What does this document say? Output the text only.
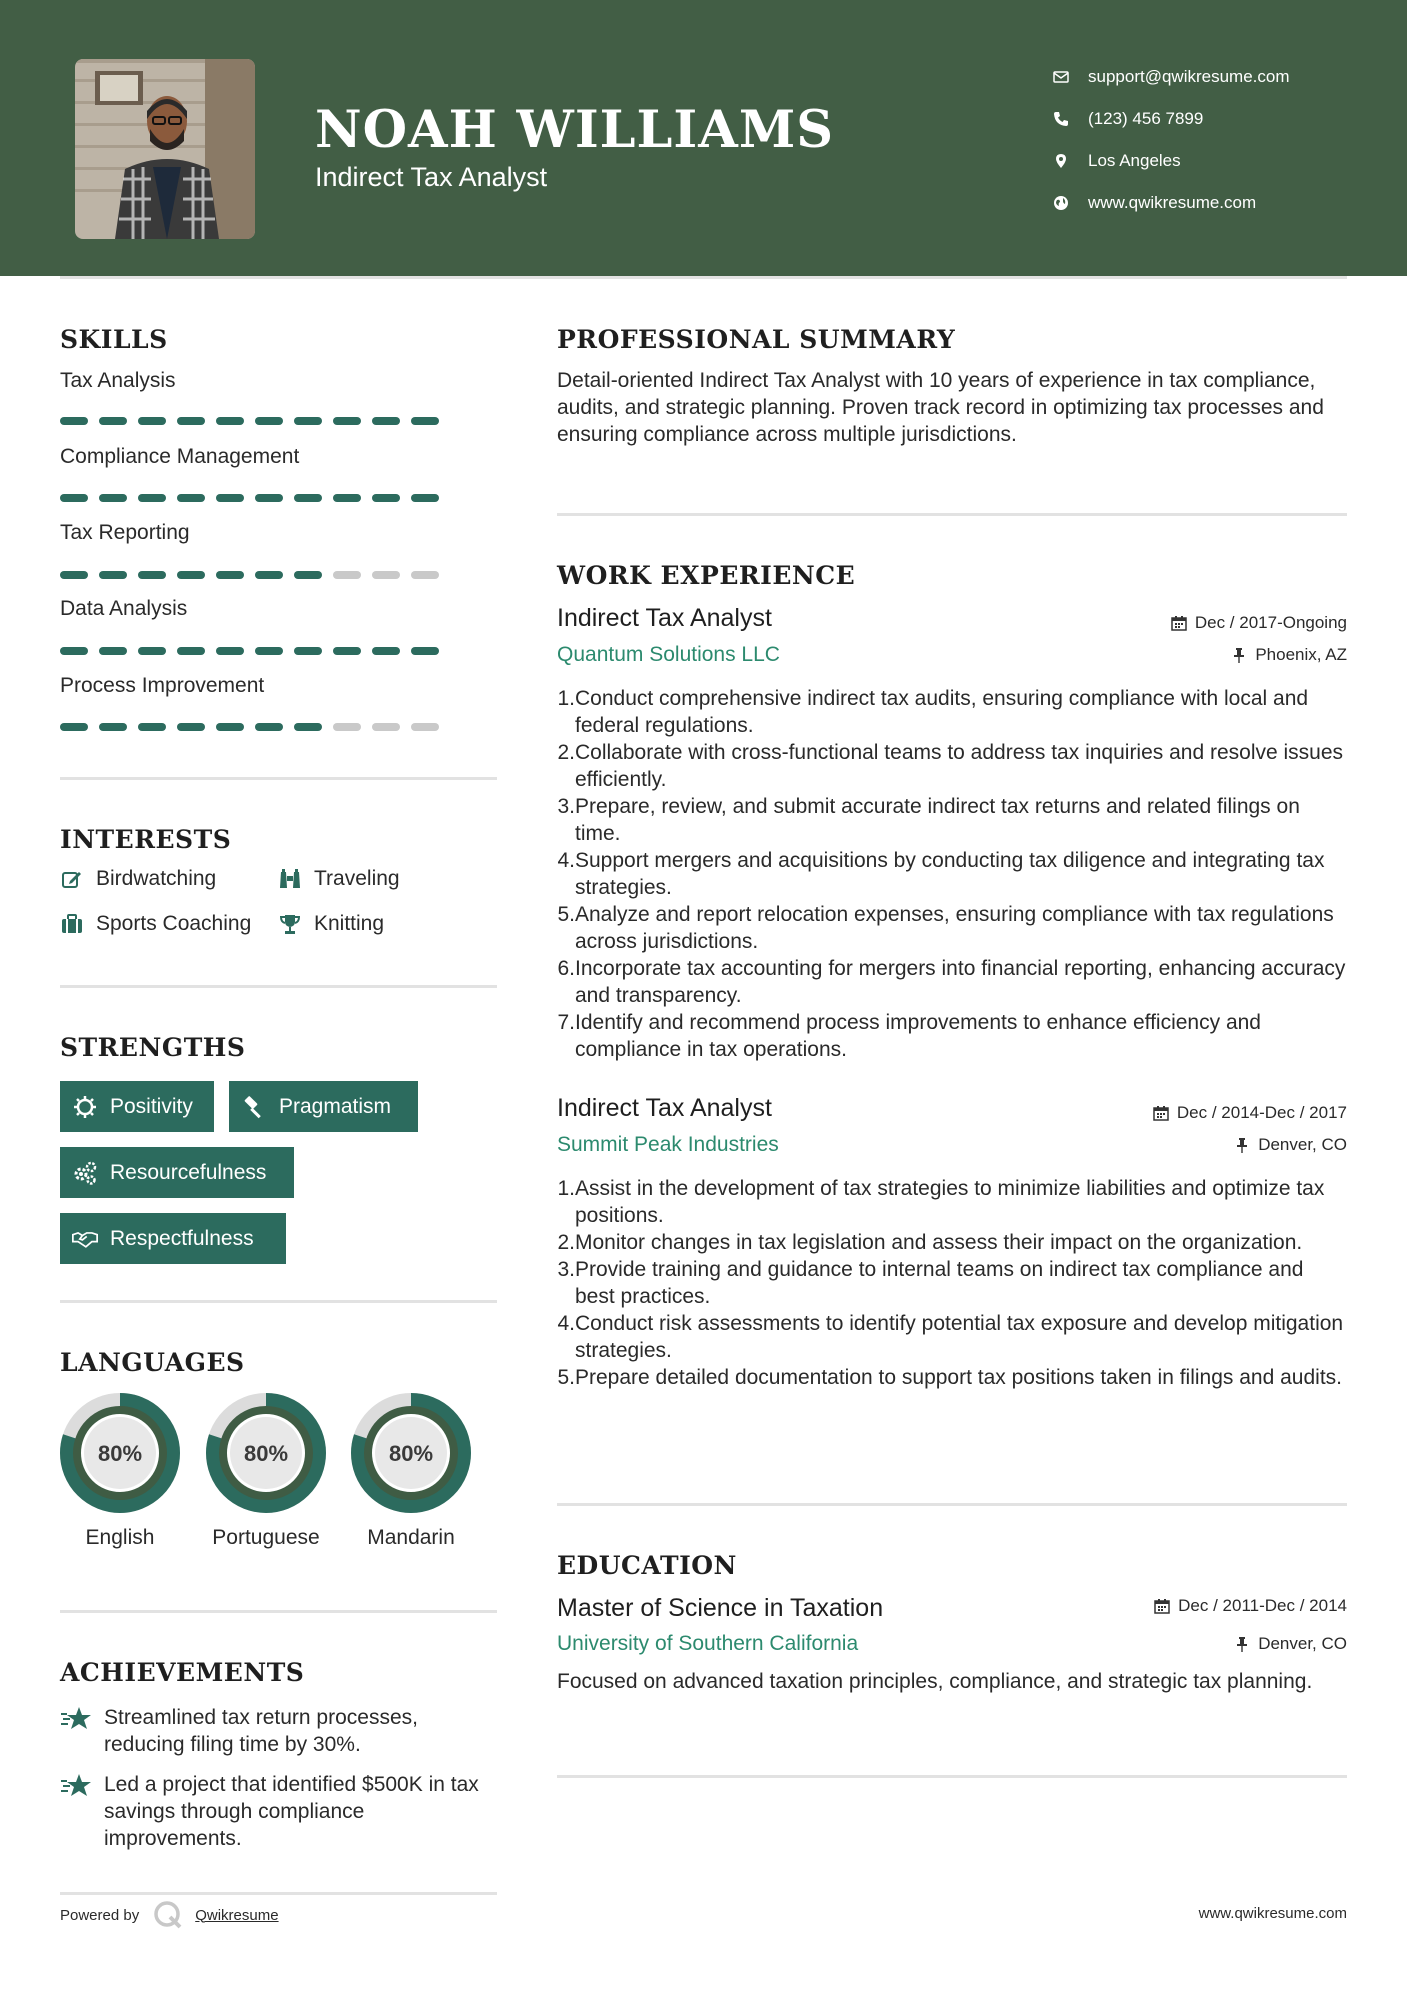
NOAH WILLIAMS
Indirect Tax Analyst
support@qwikresume.com
(123) 456 7899
Los Angeles
www.qwikresume.com
SKILLS
Tax Analysis
Compliance Management
Tax Reporting
Data Analysis
Process Improvement
INTERESTS
Birdwatching	Traveling
Sports Coaching	Knitting
STRENGTHS
Positivity	Pragmatism
Resourcefulness
Respectfulness
LANGUAGES
80%
English
80%
Portuguese
80%
Mandarin
ACHIEVEMENTS
Streamlined tax return processes, reducing filing time by 30%.
Led a project that identified $500K in tax savings through compliance improvements.
Powered by	Qwikresume	www.qwikresume.com
PROFESSIONAL SUMMARY
Detail-oriented Indirect Tax Analyst with 10 years of experience in tax compliance, audits, and strategic planning. Proven track record in optimizing tax processes and ensuring compliance across multiple jurisdictions.
WORK EXPERIENCE
Indirect Tax Analyst	Dec / 2017-Ongoing
Quantum Solutions LLC	Phoenix, AZ
1. Conduct comprehensive indirect tax audits, ensuring compliance with local and federal regulations.
2. Collaborate with cross-functional teams to address tax inquiries and resolve issues efficiently.
3. Prepare, review, and submit accurate indirect tax returns and related filings on time.
4. Support mergers and acquisitions by conducting tax diligence and integrating tax strategies.
5. Analyze and report relocation expenses, ensuring compliance with tax regulations across jurisdictions.
6. Incorporate tax accounting for mergers into financial reporting, enhancing accuracy and transparency.
7. Identify and recommend process improvements to enhance efficiency and compliance in tax operations.
Indirect Tax Analyst	Dec / 2014-Dec / 2017
Summit Peak Industries	Denver, CO
1. Assist in the development of tax strategies to minimize liabilities and optimize tax positions.
2. Monitor changes in tax legislation and assess their impact on the organization.
3. Provide training and guidance to internal teams on indirect tax compliance and best practices.
4. Conduct risk assessments to identify potential tax exposure and develop mitigation strategies.
5. Prepare detailed documentation to support tax positions taken in filings and audits.
EDUCATION
Master of Science in Taxation	Dec / 2011-Dec / 2014
University of Southern California	Denver, CO
Focused on advanced taxation principles, compliance, and strategic tax planning.
